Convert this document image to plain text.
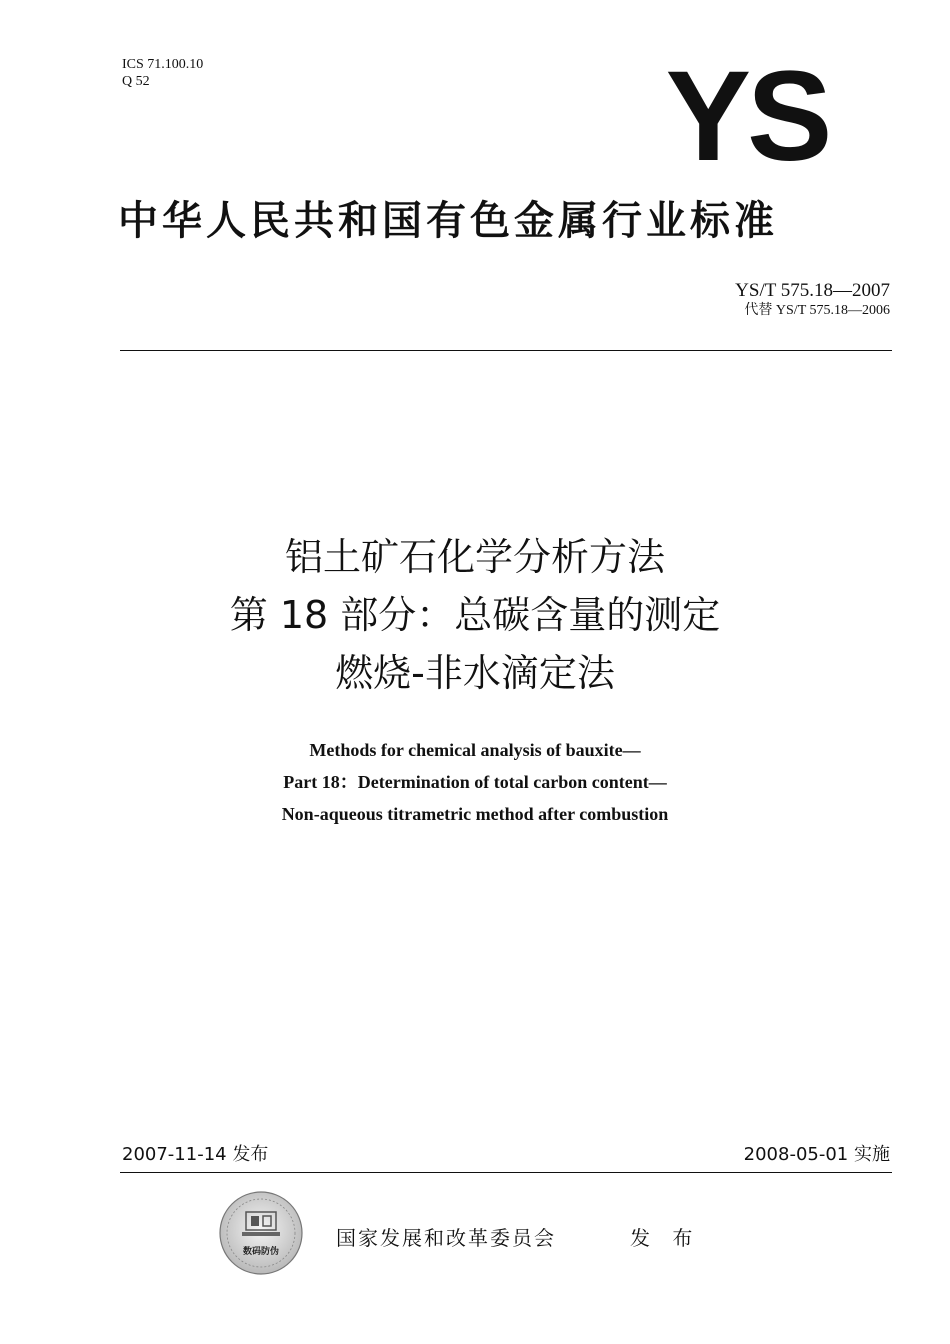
ICS 71.100.10
Q 52	YS
中华人民共和国有色金属行业标准
YS/T 575.18—2007
代替 YS/T 575.18—2006
铝土矿石化学分析方法
第 18 部分：总碳含量的测定
燃烧-非水滴定法
Methods for chemical analysis of bauxite—
Part 18：Determination of total carbon content—
Non-aqueous titrametric method after combustion
2007-11-14 发布	2008-05-01 实施
数码防伪
国家发展和改革委员会	发 布
